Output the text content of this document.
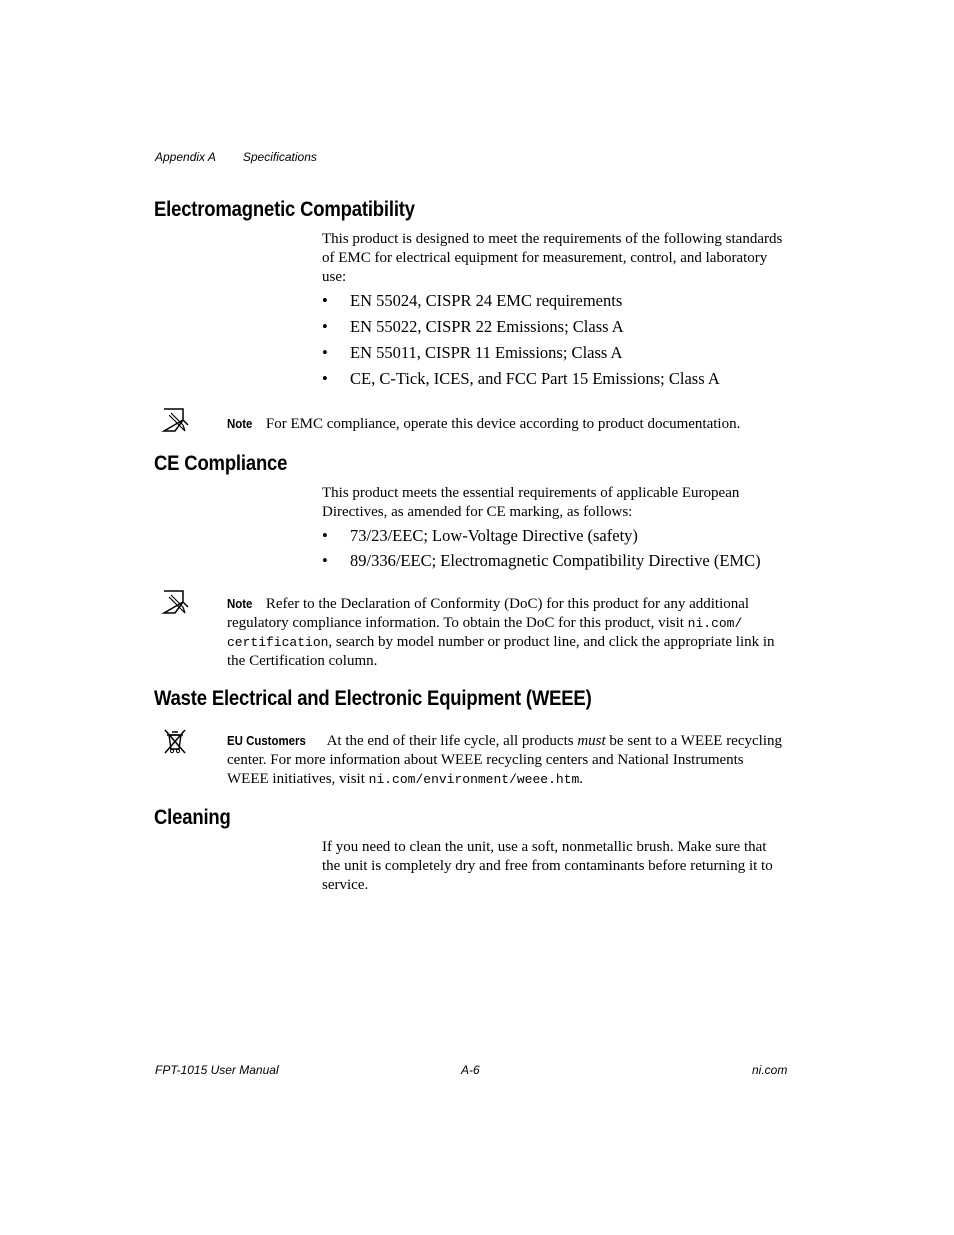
Appendix A Specifications
Electromagnetic Compatibility

This product is designed to meet the requirements of the following standards of EMC for electrical equipment for measurement, control, and laboratory use:

• EN 55024, CISPR 24 EMC requirements
• EN 55022, CISPR 22 Emissions; Class A
• EN 55011, CISPR 11 Emissions; Class A
• CE, C-Tick, ICES, and FCC Part 15 Emissions; Class A

Note For EMC compliance, operate this device according to product documentation.

CE Compliance

This product meets the essential requirements of applicable European Directives, as amended for CE marking, as follows:

• 73/23/EEC; Low-Voltage Directive (safety)
• 89/336/EEC; Electromagnetic Compatibility Directive (EMC)

Note Refer to the Declaration of Conformity (DoC) for this product for any additional regulatory compliance information. To obtain the DoC for this product, visit ni.com/
certification, search by model number or product line, and click the appropriate link in the Certification column.

Waste Electrical and Electronic Equipment (WEEE)

EU Customers At the end of their life cycle, all products must be sent to a WEEE recycling center. For more information about WEEE recycling centers and National Instruments WEEE initiatives, visit ni.com/environment/weee.htm.

Cleaning

If you need to clean the unit, use a soft, nonmetallic brush. Make sure that the unit is completely dry and free from contaminants before returning it to service.

FPT-1015 User Manual	A-6	ni.com
